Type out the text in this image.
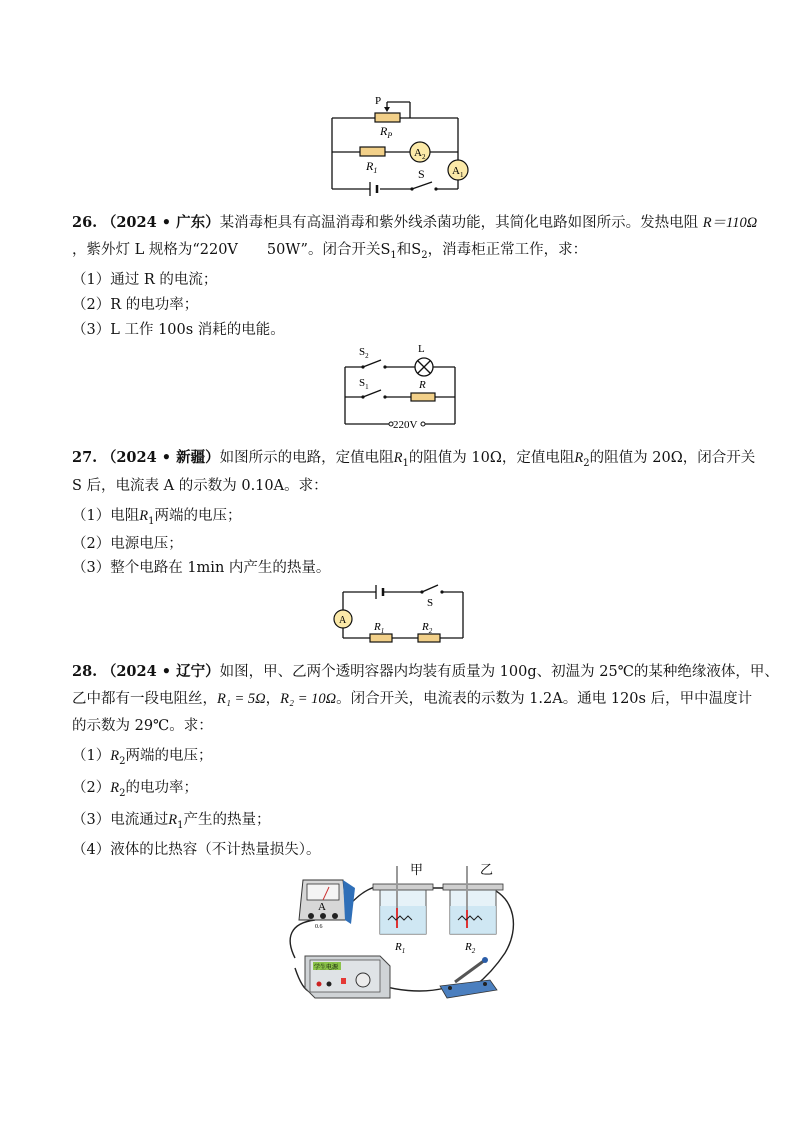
P
$R_P$
$R_1$
$A_2$
$A_1$
S
26. （2024 • 广东）某消毒柜具有高温消毒和紫外线杀菌功能，其简化电路如图所示。发热电阻 R＝110Ω
，紫外灯 L 规格为“220V　　50W”。闭合开关$S_1$和$S_2$，消毒柜正常工作，求：
（1）通过 R 的电流；
（2）R 的电功率；
（3）L 工作 100s 消耗的电能。
$S_2$
L
$S_1$	R
220V
27. （2024 • 新疆）如图所示的电路，定值电阻$R_1$的阻值为 10Ω，定值电阻$R_2$的阻值为 20Ω，闭合开关
S 后，电流表 A 的示数为 0.10A。求：
（1）电阻$R_1$两端的电压；
（2）电源电压；
（3）整个电路在 1min 内产生的热量。
S
A
$R_1$	$R_2$
28. （2024 • 辽宁）如图，甲、乙两个透明容器内均装有质量为 100g、初温为 25℃的某种绝缘液体，甲、
乙中都有一段电阻丝，R₁ = 5Ω，R₂ = 10Ω。闭合开关，电流表的示数为 1.2A。通电 120s 后，甲中温度计
的示数为 29℃。求：
$(1)R_2$两端的电压；
$(2)R_2$的电功率；
（3）电流通过$R_1$产生的热量；
（4）液体的比热容（不计热量损失）。
A
0.6
甲
$R_1$
乙
$R_2$
学生电源
